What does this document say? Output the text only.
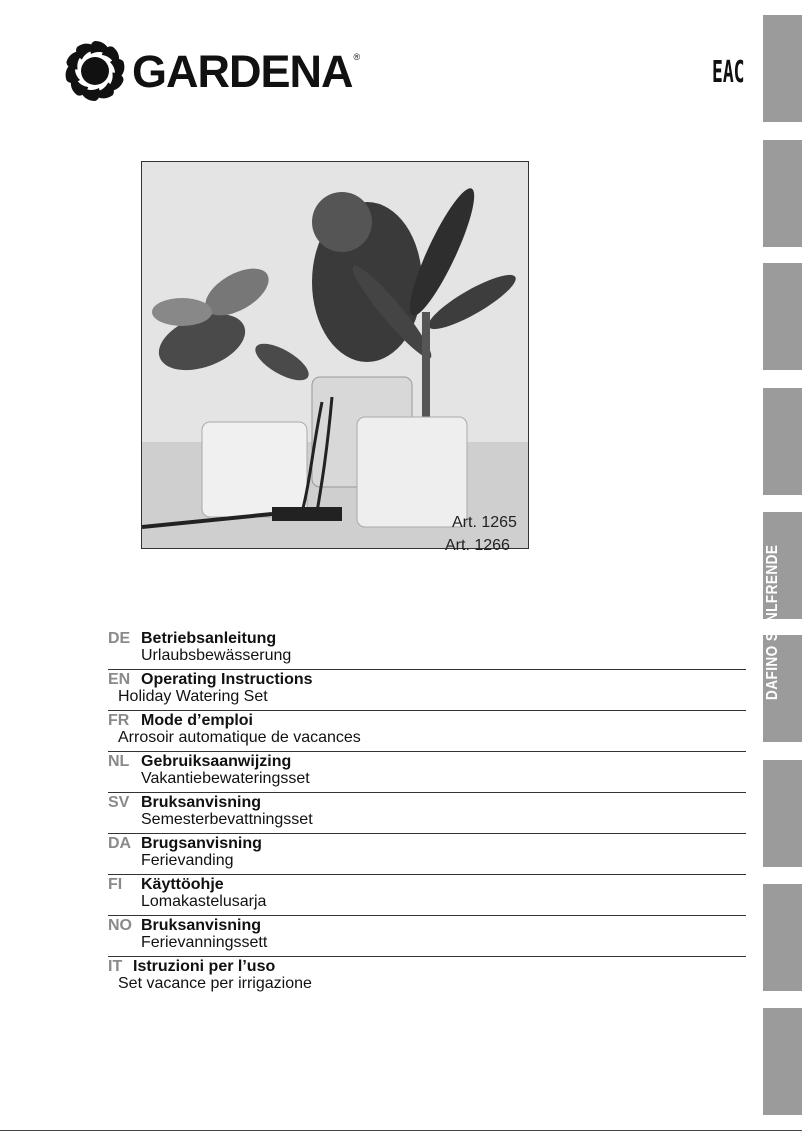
GARDENA ®	EAC
DAFINO SVNLFRENDE
Art. 1265
Art. 1266
DE Betriebsanleitung
Urlaubsbewässerung
EN Operating Instructions
Holiday Watering Set
FR Mode d’emploi
Arrosoir automatique de vacances
NL Gebruiksaanwijzing
Vakantiebewateringsset
SV Bruksanvisning
Semesterbevattningsset
DA Brugsanvisning
Ferievanding
FI Käyttöohje
Lomakastelusarja
NO Bruksanvisning
Ferievanningssett
IT Istruzioni per l’uso
Set vacance per irrigazione
